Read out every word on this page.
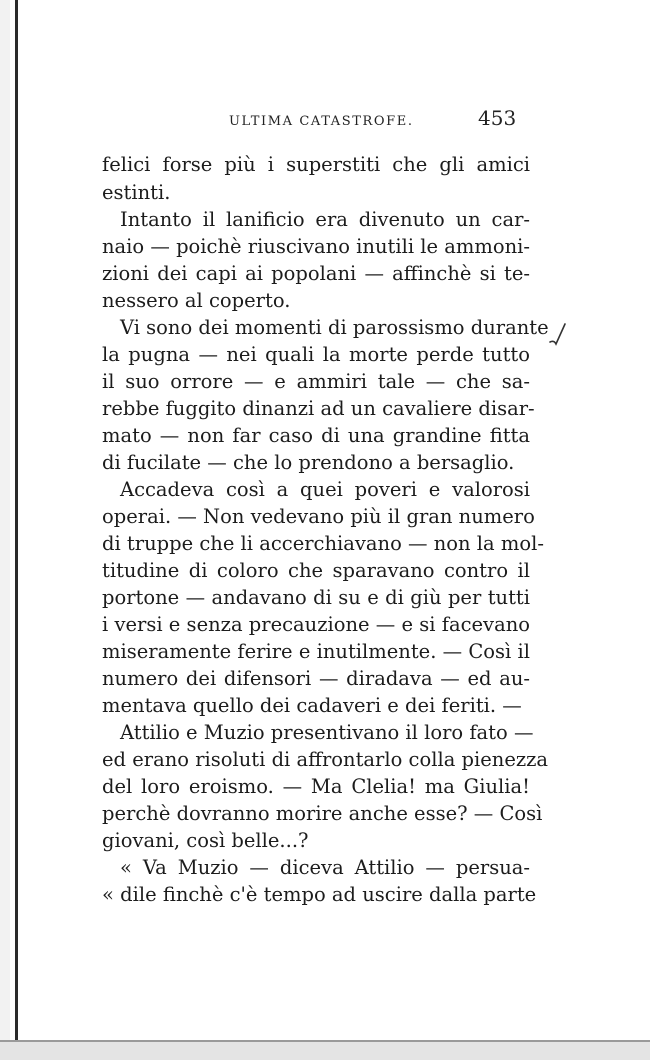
ULTIMA CATASTROFE.	453
felici forse più i superstiti che gli amici
estinti.
Intanto il lanificio era divenuto un car-
naio — poichè riuscivano inutili le ammoni-
zioni dei capi ai popolani — affinchè si te-
nessero al coperto.
Vi sono dei momenti di parossismo durante
la pugna — nei quali la morte perde tutto
il suo orrore — e ammiri tale — che sa-
rebbe fuggito dinanzi ad un cavaliere disar-
mato — non far caso di una grandine fitta
di fucilate — che lo prendono a bersaglio.
Accadeva così a quei poveri e valorosi
operai. — Non vedevano più il gran numero
di truppe che li accerchiavano — non la mol-
titudine di coloro che sparavano contro il
portone — andavano di su e di giù per tutti
i versi e senza precauzione — e si facevano
miseramente ferire e inutilmente. — Così il
numero dei difensori — diradava — ed au-
mentava quello dei cadaveri e dei feriti. —
Attilio e Muzio presentivano il loro fato —
ed erano risoluti di affrontarlo colla pienezza
del loro eroismo. — Ma Clelia! ma Giulia!
perchè dovranno morire anche esse? — Così
giovani, così belle...?
« Va Muzio — diceva Attilio — persua-
« dile finchè c'è tempo ad uscire dalla parte
